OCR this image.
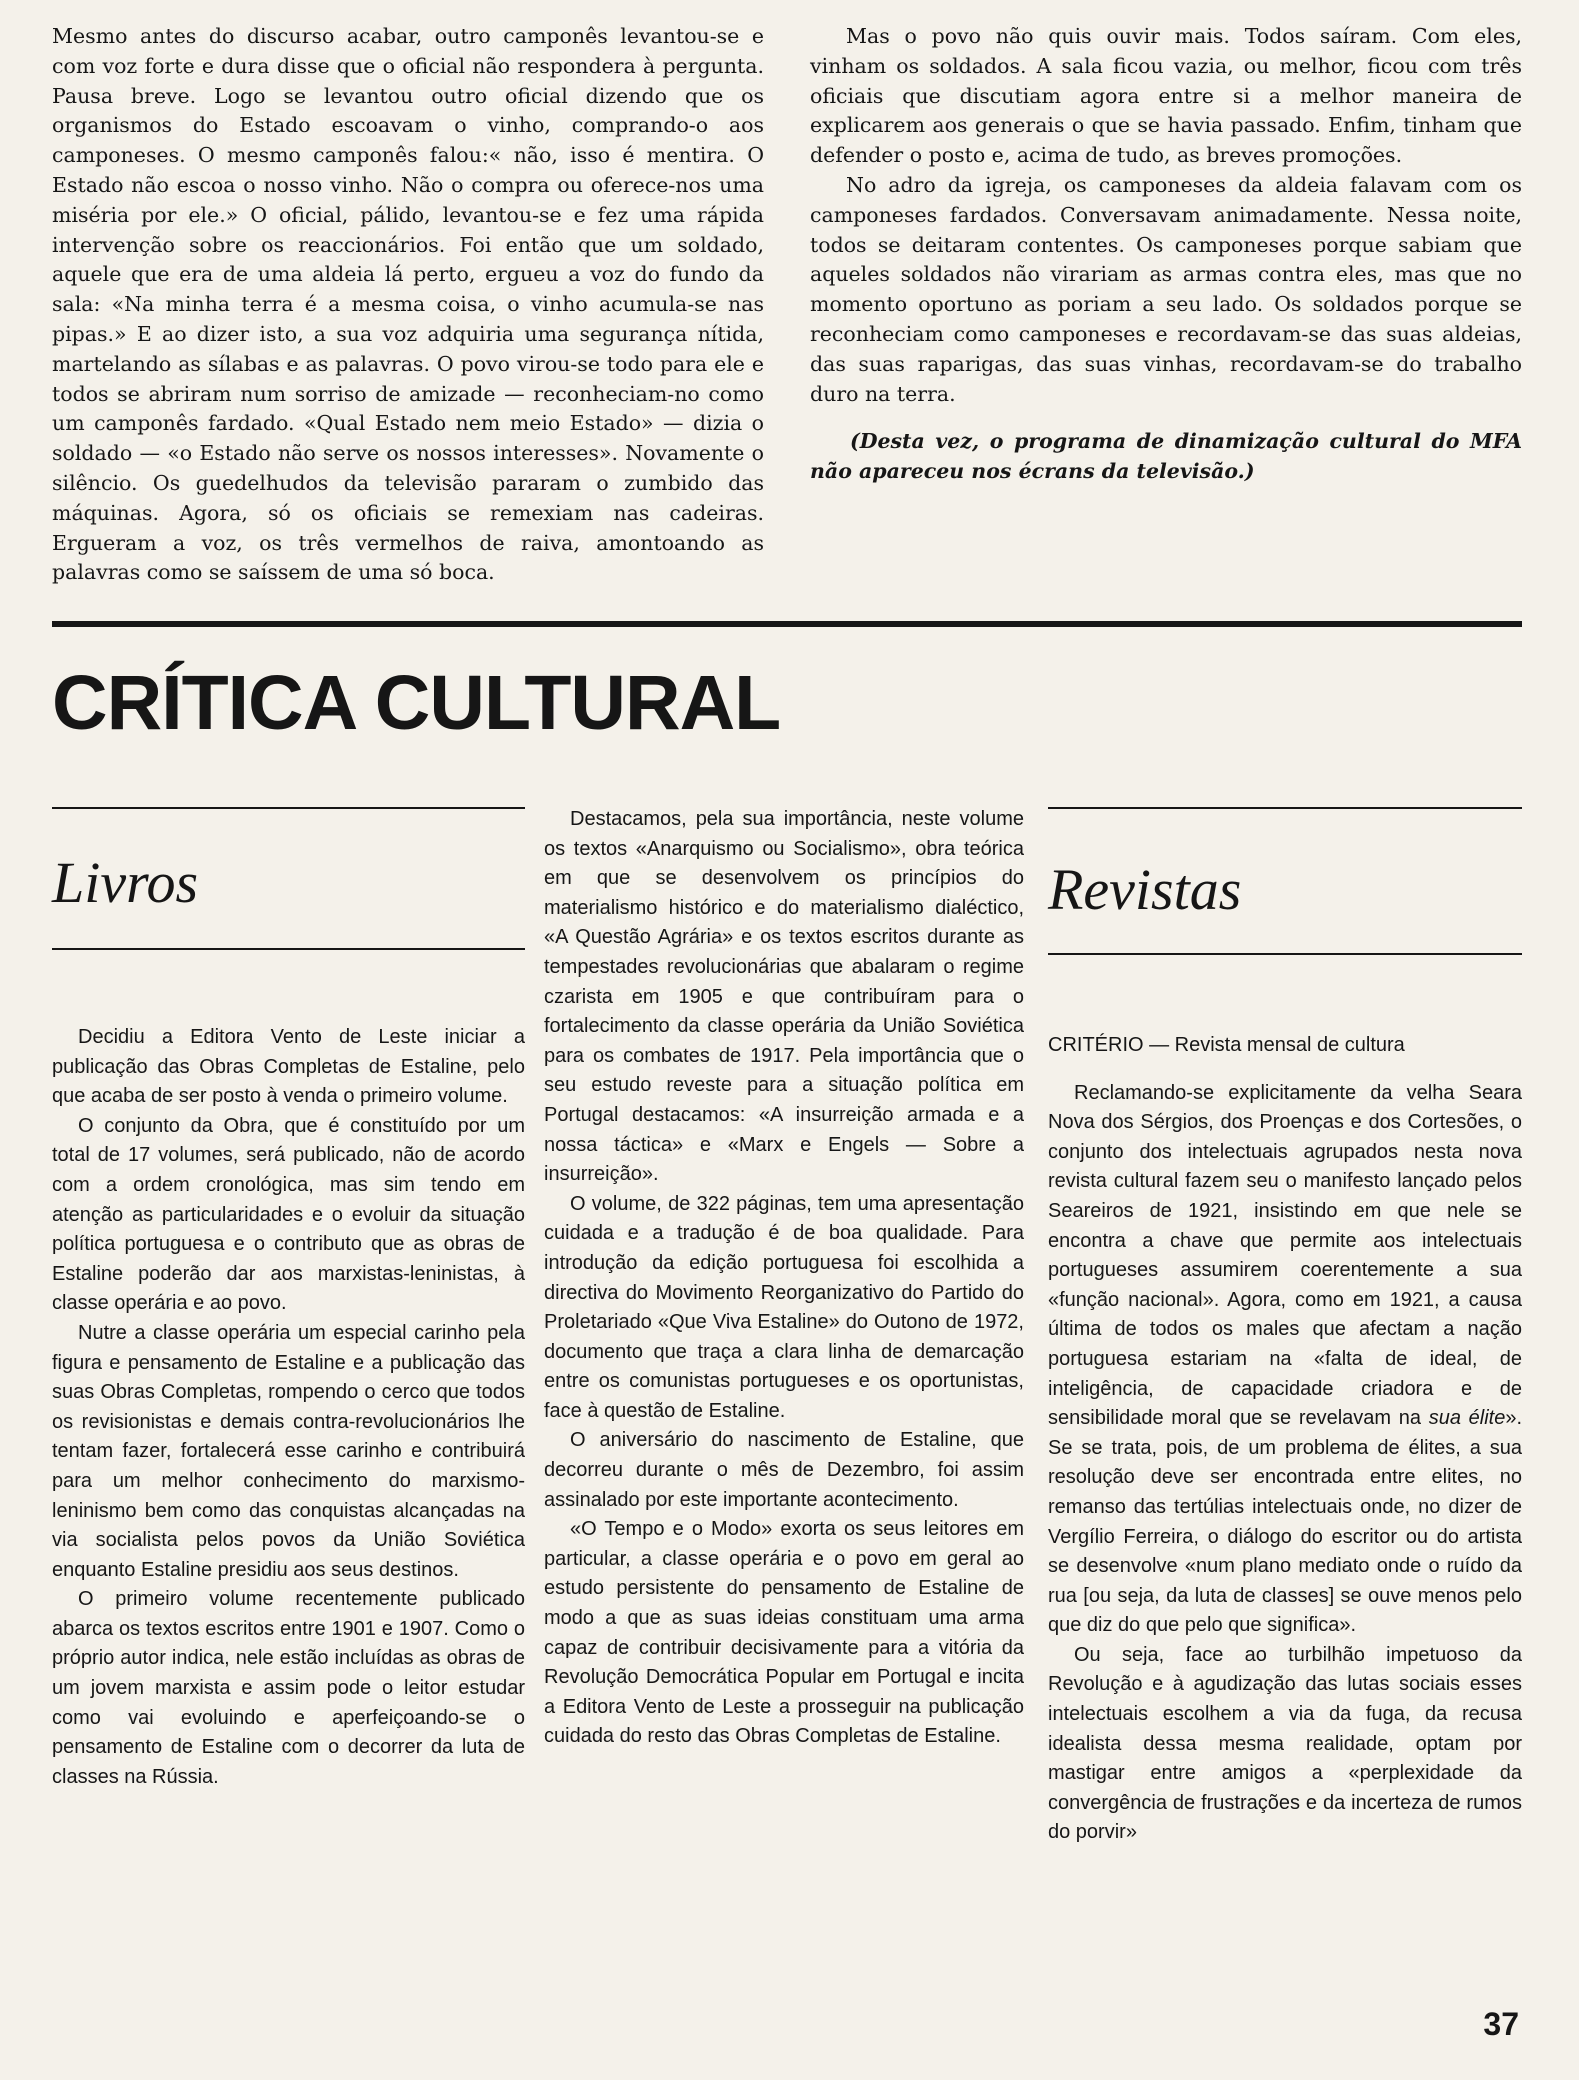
Mesmo antes do discurso acabar, outro camponês levantou-se e com voz forte e dura disse que o oficial não respondera à pergunta. Pausa breve. Logo se levantou outro oficial dizendo que os organismos do Estado escoavam o vinho, comprando-o aos camponeses. O mesmo camponês falou:« não, isso é mentira. O Estado não escoa o nosso vinho. Não o compra ou oferece-nos uma miséria por ele.» O oficial, pálido, levantou-se e fez uma rápida intervenção sobre os reaccionários. Foi então que um soldado, aquele que era de uma aldeia lá perto, ergueu a voz do fundo da sala: «Na minha terra é a mesma coisa, o vinho acumula-se nas pipas.» E ao dizer isto, a sua voz adquiria uma segurança nítida, martelando as sílabas e as palavras. O povo virou-se todo para ele e todos se abriram num sorriso de amizade — reconheciam-no como um camponês fardado. «Qual Estado nem meio Estado» — dizia o soldado — «o Estado não serve os nossos interesses». Novamente o silêncio. Os guedelhudos da televisão pararam o zumbido das máquinas. Agora, só os oficiais se remexiam nas cadeiras. Ergueram a voz, os três vermelhos de raiva, amontoando as palavras como se saíssem de uma só boca.

Mas o povo não quis ouvir mais. Todos saíram. Com eles, vinham os soldados. A sala ficou vazia, ou melhor, ficou com três oficiais que discutiam agora entre si a melhor maneira de explicarem aos generais o que se havia passado. Enfim, tinham que defender o posto e, acima de tudo, as breves promoções.

No adro da igreja, os camponeses da aldeia falavam com os camponeses fardados. Conversavam animadamente. Nessa noite, todos se deitaram contentes. Os camponeses porque sabiam que aqueles soldados não virariam as armas contra eles, mas que no momento oportuno as poriam a seu lado. Os soldados porque se reconheciam como camponeses e recordavam-se das suas aldeias, das suas raparigas, das suas vinhas, recordavam-se do trabalho duro na terra.

(Desta vez, o programa de dinamização cultural do MFA não apareceu nos écrans da televisão.)

CRÍTICA CULTURAL
Livros	Revistas

Decidiu a Editora Vento de Leste iniciar a publicação das Obras Completas de Estaline, pelo que acaba de ser posto à venda o primeiro volume.

O conjunto da Obra, que é constituído por um total de 17 volumes, será publicado, não de acordo com a ordem cronológica, mas sim tendo em atenção as particularidades e o evoluir da situação política portuguesa e o contributo que as obras de Estaline poderão dar aos marxistas-leninistas, à classe operária e ao povo.

Nutre a classe operária um especial carinho pela figura e pensamento de Estaline e a publicação das suas Obras Completas, rompendo o cerco que todos os revisionistas e demais contra-revolucionários lhe tentam fazer, fortalecerá esse carinho e contribuirá para um melhor conhecimento do marxismo-leninismo bem como das conquistas alcançadas na via socialista pelos povos da União Soviética enquanto Estaline presidiu aos seus destinos.

O primeiro volume recentemente publicado abarca os textos escritos entre 1901 e 1907. Como o próprio autor indica, nele estão incluídas as obras de um jovem marxista e assim pode o leitor estudar como vai evoluindo e aperfeiçoando-se o pensamento de Estaline com o decorrer da luta de classes na Rússia.

Destacamos, pela sua importância, neste volume os textos «Anarquismo ou Socialismo», obra teórica em que se desenvolvem os princípios do materialismo histórico e do materialismo dialéctico, «A Questão Agrária» e os textos escritos durante as tempestades revolucionárias que abalaram o regime czarista em 1905 e que contribuíram para o fortalecimento da classe operária da União Soviética para os combates de 1917. Pela importância que o seu estudo reveste para a situação política em Portugal destacamos: «A insurreição armada e a nossa táctica» e «Marx e Engels — Sobre a insurreição».

O volume, de 322 páginas, tem uma apresentação cuidada e a tradução é de boa qualidade. Para introdução da edição portuguesa foi escolhida a directiva do Movimento Reorganizativo do Partido do Proletariado «Que Viva Estaline» do Outono de 1972, documento que traça a clara linha de demarcação entre os comunistas portugueses e os oportunistas, face à questão de Estaline.

O aniversário do nascimento de Estaline, que decorreu durante o mês de Dezembro, foi assim assinalado por este importante acontecimento.

«O Tempo e o Modo» exorta os seus leitores em particular, a classe operária e o povo em geral ao estudo persistente do pensamento de Estaline de modo a que as suas ideias constituam uma arma capaz de contribuir decisivamente para a vitória da Revolução Democrática Popular em Portugal e incita a Editora Vento de Leste a prosseguir na publicação cuidada do resto das Obras Completas de Estaline.

CRITÉRIO — Revista mensal de cultura

Reclamando-se explicitamente da velha Seara Nova dos Sérgios, dos Proenças e dos Cortesões, o conjunto dos intelectuais agrupados nesta nova revista cultural fazem seu o manifesto lançado pelos Seareiros de 1921, insistindo em que nele se encontra a chave que permite aos intelectuais portugueses assumirem coerentemente a sua «função nacional». Agora, como em 1921, a causa última de todos os males que afectam a nação portuguesa estariam na «falta de ideal, de inteligência, de capacidade criadora e de sensibilidade moral que se revelavam na sua élite». Se se trata, pois, de um problema de élites, a sua resolução deve ser encontrada entre elites, no remanso das tertúlias intelectuais onde, no dizer de Vergílio Ferreira, o diálogo do escritor ou do artista se desenvolve «num plano mediato onde o ruído da rua [ou seja, da luta de classes] se ouve menos pelo que diz do que pelo que significa».

Ou seja, face ao turbilhão impetuoso da Revolução e à agudização das lutas sociais esses intelectuais escolhem a via da fuga, da recusa idealista dessa mesma realidade, optam por mastigar entre amigos a «perplexidade da convergência de frustrações e da incerteza de rumos do porvir»

37
